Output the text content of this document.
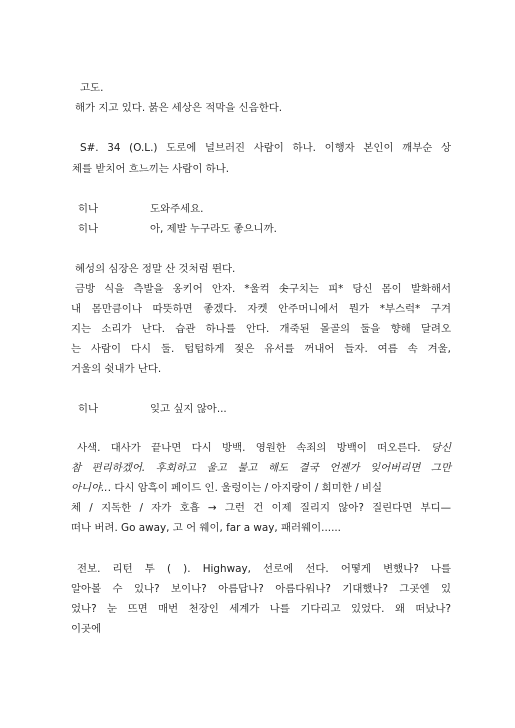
고도.
해가 지고 있다. 붉은 세상은 적막을 신음한다.
S#. 34 (O.L.) 도로에 널브러진 사람이 하나. 이행자 본인이 깨부순 상
체를 받치어 흐느끼는 사람이 하나.
히나	도와주세요.
히나	아, 제발 누구라도 좋으니까.
혜성의 심장은 정말 산 것처럼 뛴다.
금방 식을 측발을 옹키어 안자. *울컥 솟구치는 피* 당신 몸이 발화해서
내 몸만큼이나 따뜻하면 좋겠다. 자켓 안주머니에서 뭔가 *부스럭* 구겨
지는 소리가 난다. 습관 하나를 안다. 개죽된 몰골의 둘을 향해 달려오
는 사람이 다시 둘. 텁텁하게 젖은 유서를 꺼내어 들자. 여름 속 겨울,
거울의 쉿내가 난다.
히나	잊고 싶지 않아...
사색. 대사가 끝나면 다시 방백. 영원한 속죄의 방백이 떠오른다. 당신
참 편리하겠어. 후회하고 울고 불고 해도 결국 언젠가 잊어버리면 그만
아니야... 다시 암흑이 페이드 인. 울렁이는 / 아지랑이 / 희미한 / 비실
체 / 지독한 / 자가 호흡 → 그런 건 이제 질리지 않아? 질린다면 부디—
떠나 버려. Go away, 고 어 웨이, far a way, 패러웨이......
전보. 리턴 투 ( ). Highway, 선로에 선다. 어떻게 변했나? 나를
알아볼 수 있나? 보이나? 아름답나? 아름다워나? 기대했나? 그곳엔 있
었나? 눈 뜨면 매번 천장인 세계가 나를 기다리고 있었다. 왜 떠났나?
이곳에
